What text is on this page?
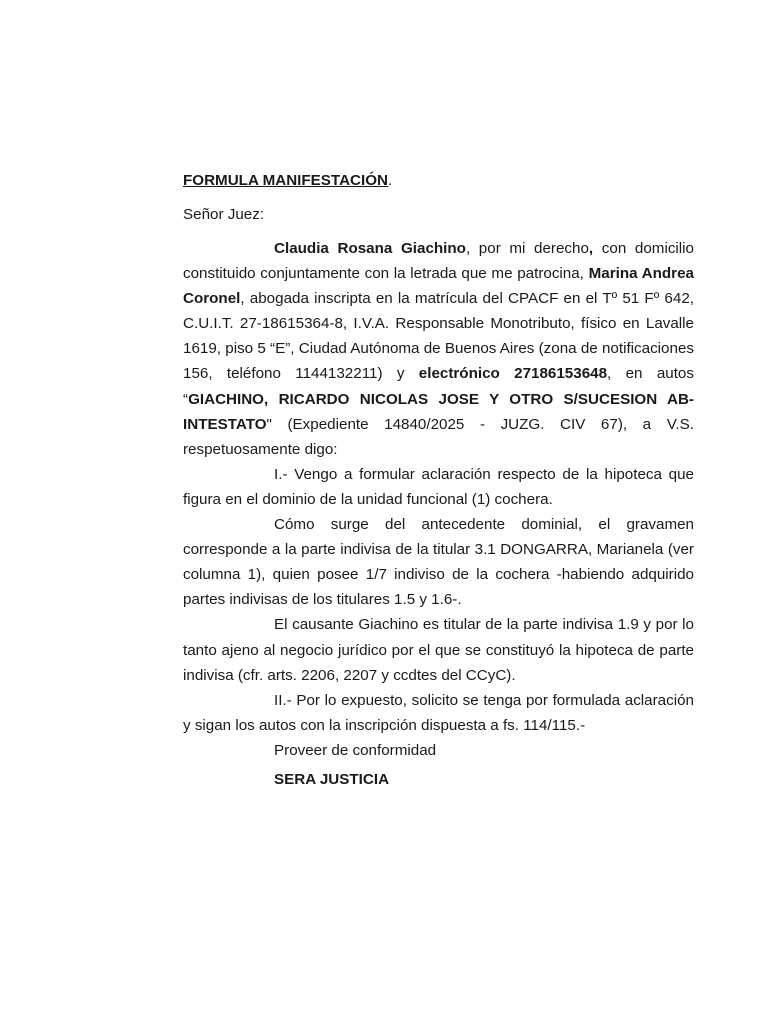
FORMULA MANIFESTACIÓN.
Señor Juez:

Claudia Rosana Giachino, por mi derecho, con domicilio constituido conjuntamente con la letrada que me patrocina, Marina Andrea Coronel, abogada inscripta en la matrícula del CPACF en el Tº 51 Fº 642, C.U.I.T. 27-18615364-8, I.V.A. Responsable Monotributo, físico en Lavalle 1619, piso 5 “E”, Ciudad Autónoma de Buenos Aires (zona de notificaciones 156, teléfono 1144132211) y electrónico 27186153648, en autos “GIACHINO, RICARDO NICOLAS JOSE Y OTRO S/SUCESION AB-INTESTATO" (Expediente 14840/2025 - JUZG. CIV 67), a V.S. respetuosamente digo:

I.- Vengo a formular aclaración respecto de la hipoteca que figura en el dominio de la unidad funcional (1) cochera.

Cómo surge del antecedente dominial, el gravamen corresponde a la parte indivisa de la titular 3.1 DONGARRA, Marianela (ver columna 1), quien posee 1/7 indiviso de la cochera -habiendo adquirido partes indivisas de los titulares 1.5 y 1.6-.

El causante Giachino es titular de la parte indivisa 1.9 y por lo tanto ajeno al negocio jurídico por el que se constituyó la hipoteca de parte indivisa (cfr. arts. 2206, 2207 y ccdtes del CCyC).

II.- Por lo expuesto, solicito se tenga por formulada aclaración y sigan los autos con la inscripción dispuesta a fs. 114/115.-

Proveer de conformidad

SERA JUSTICIA
